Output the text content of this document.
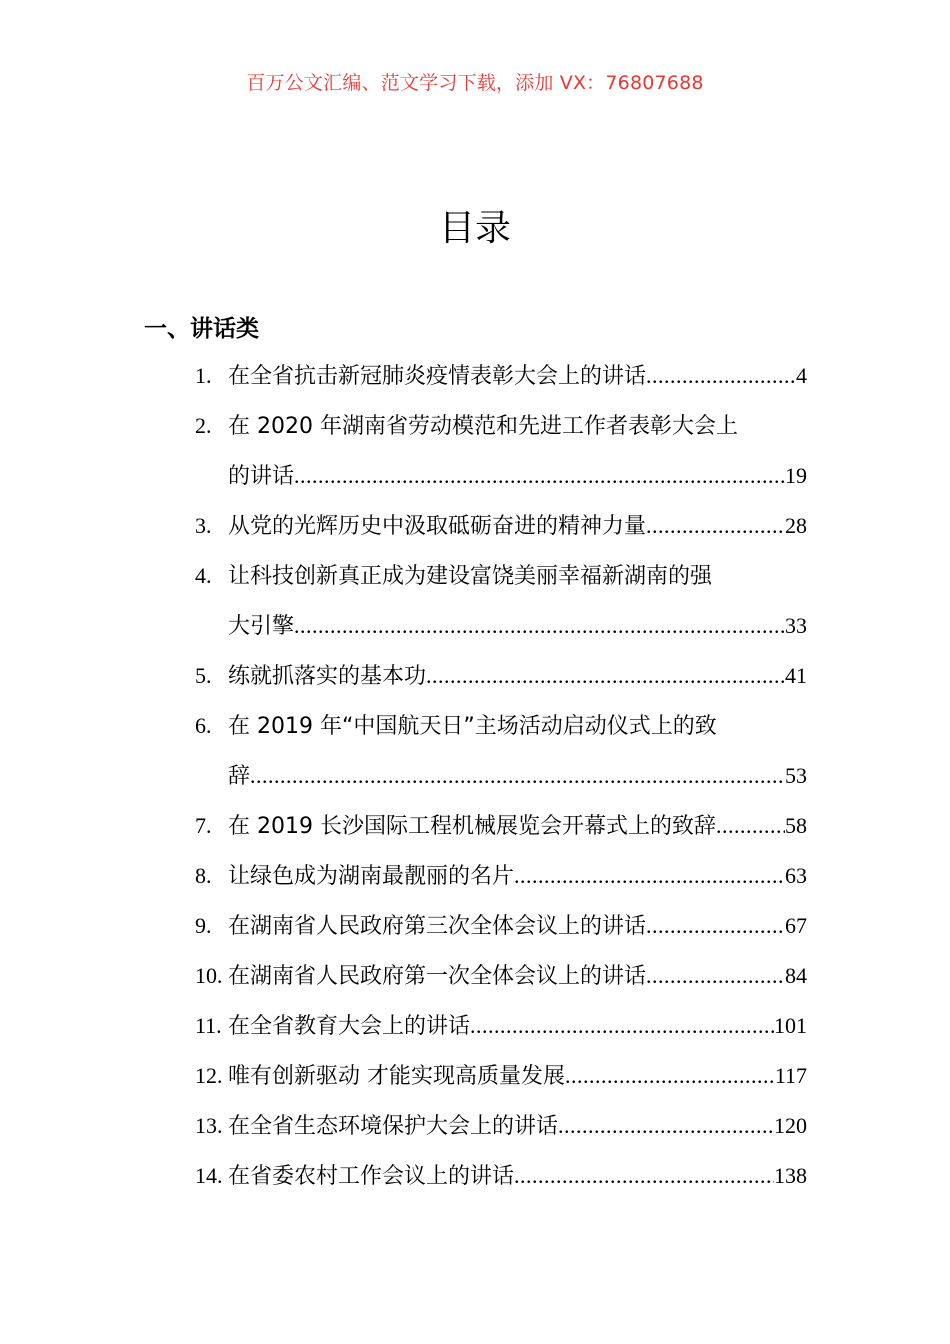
百万公文汇编、范文学习下载，添加 VX：76807688
目录
一、讲话类
1. 在全省抗击新冠肺炎疫情表彰大会上的讲话 .....	4
2. 在 2020 年湖南省劳动模范和先进工作者表彰大会上
的讲话 .....	19
3. 从党的光辉历史中汲取砥砺奋进的精神力量 .....	28
4. 让科技创新真正成为建设富饶美丽幸福新湖南的强
大引擎 .....	33
5. 练就抓落实的基本功 .....	41
6. 在 2019 年“中国航天日”主场活动启动仪式上的致
辞 .....	53
7. 在 2019 长沙国际工程机械展览会开幕式上的致辞 .....	58
8. 让绿色成为湖南最靓丽的名片 .....	63
9. 在湖南省人民政府第三次全体会议上的讲话 .....	67
10. 在湖南省人民政府第一次全体会议上的讲话 .....	84
11. 在全省教育大会上的讲话 .....	101
12. 唯有创新驱动 才能实现高质量发展 .....	117
13. 在全省生态环境保护大会上的讲话 .....	120
14. 在省委农村工作会议上的讲话 .....	138
